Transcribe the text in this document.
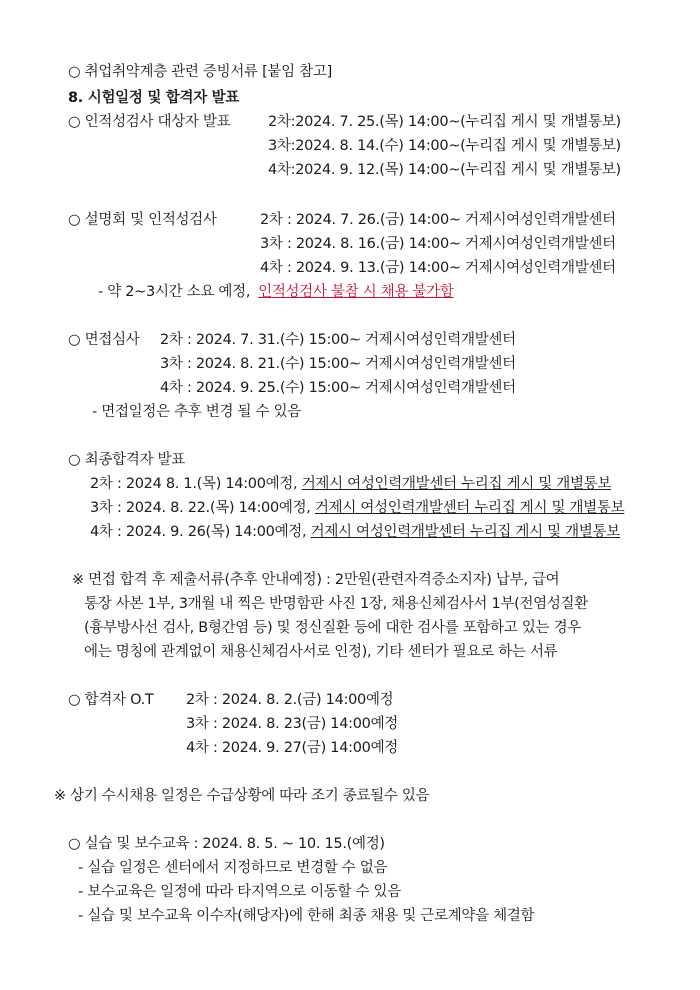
○ 취업취약계층 관련 증빙서류 [붙임 참고]
8. 시험일정 및 합격자 발표
○ 인적성검사 대상자 발표	2차:2024. 7. 25.(목) 14:00~(누리집 게시 및 개별통보)
3차:2024. 8. 14.(수) 14:00~(누리집 게시 및 개별통보)
4차:2024. 9. 12.(목) 14:00~(누리집 게시 및 개별통보)
○ 설명회 및 인적성검사	2차 : 2024. 7. 26.(금) 14:00~ 거제시여성인력개발센터
3차 : 2024. 8. 16.(금) 14:00~ 거제시여성인력개발센터
4차 : 2024. 9. 13.(금) 14:00~ 거제시여성인력개발센터
- 약 2~3시간 소요 예정, 인적성검사 불참 시 채용 불가함
○ 면접심사 2차 : 2024. 7. 31.(수) 15:00~ 거제시여성인력개발센터
3차 : 2024. 8. 21.(수) 15:00~ 거제시여성인력개발센터
4차 : 2024. 9. 25.(수) 15:00~ 거제시여성인력개발센터
- 면접일정은 추후 변경 될 수 있음
○ 최종합격자 발표
2차 : 2024 8. 1.(목) 14:00예정, 거제시 여성인력개발센터 누리집 게시 및 개별통보
3차 : 2024. 8. 22.(목) 14:00예정, 거제시 여성인력개발센터 누리집 게시 및 개별통보
4차 : 2024. 9. 26(목) 14:00예정, 거제시 여성인력개발센터 누리집 게시 및 개별통보
※ 면접 합격 후 제출서류(추후 안내예정) : 2만원(관련자격증소지자) 납부, 급여
통장 사본 1부, 3개월 내 찍은 반명함판 사진 1장, 채용신체검사서 1부(전염성질환
(흉부방사선 검사, B형간염 등) 및 정신질환 등에 대한 검사를 포함하고 있는 경우
에는 명칭에 관계없이 채용신체검사서로 인정), 기타 센터가 필요로 하는 서류
○ 합격자 O.T 2차 : 2024. 8. 2.(금) 14:00예정
3차 : 2024. 8. 23(금) 14:00예정
4차 : 2024. 9. 27(금) 14:00예정
※ 상기 수시채용 일정은 수급상황에 따라 조기 종료될수 있음
○ 실습 및 보수교육 : 2024. 8. 5. ~ 10. 15.(예정)
- 실습 일정은 센터에서 지정하므로 변경할 수 없음
- 보수교육은 일정에 따라 타지역으로 이동할 수 있음
- 실습 및 보수교육 이수자(해당자)에 한해 최종 채용 및 근로계약을 체결함
